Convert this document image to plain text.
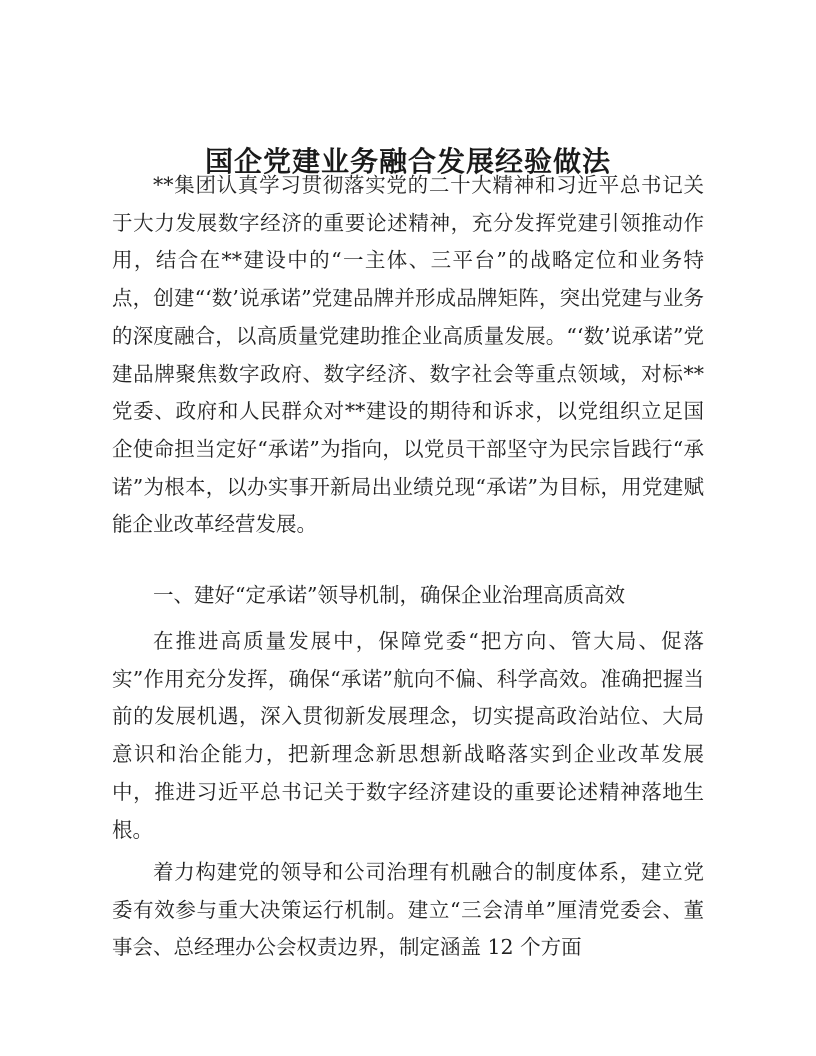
国企党建业务融合发展经验做法

**集团认真学习贯彻落实党的二十大精神和习近平总书记关于大力发展数字经济的重要论述精神，充分发挥党建引领推动作用，结合在**建设中的“一主体、三平台”的战略定位和业务特点，创建“‘数’说承诺”党建品牌并形成品牌矩阵，突出党建与业务的深度融合，以高质量党建助推企业高质量发展。“‘数’说承诺”党建品牌聚焦数字政府、数字经济、数字社会等重点领域，对标**党委、政府和人民群众对**建设的期待和诉求，以党组织立足国企使命担当定好“承诺”为指向，以党员干部坚守为民宗旨践行“承诺”为根本，以办实事开新局出业绩兑现“承诺”为目标，用党建赋能企业改革经营发展。

一、建好“定承诺”领导机制，确保企业治理高质高效

在推进高质量发展中，保障党委“把方向、管大局、促落实”作用充分发挥，确保“承诺”航向不偏、科学高效。准确把握当前的发展机遇，深入贯彻新发展理念，切实提高政治站位、大局意识和治企能力，把新理念新思想新战略落实到企业改革发展中，推进习近平总书记关于数字经济建设的重要论述精神落地生根。

着力构建党的领导和公司治理有机融合的制度体系，建立党委有效参与重大决策运行机制。建立“三会清单”厘清党委会、董事会、总经理办公会权责边界，制定涵盖 12 个方面
